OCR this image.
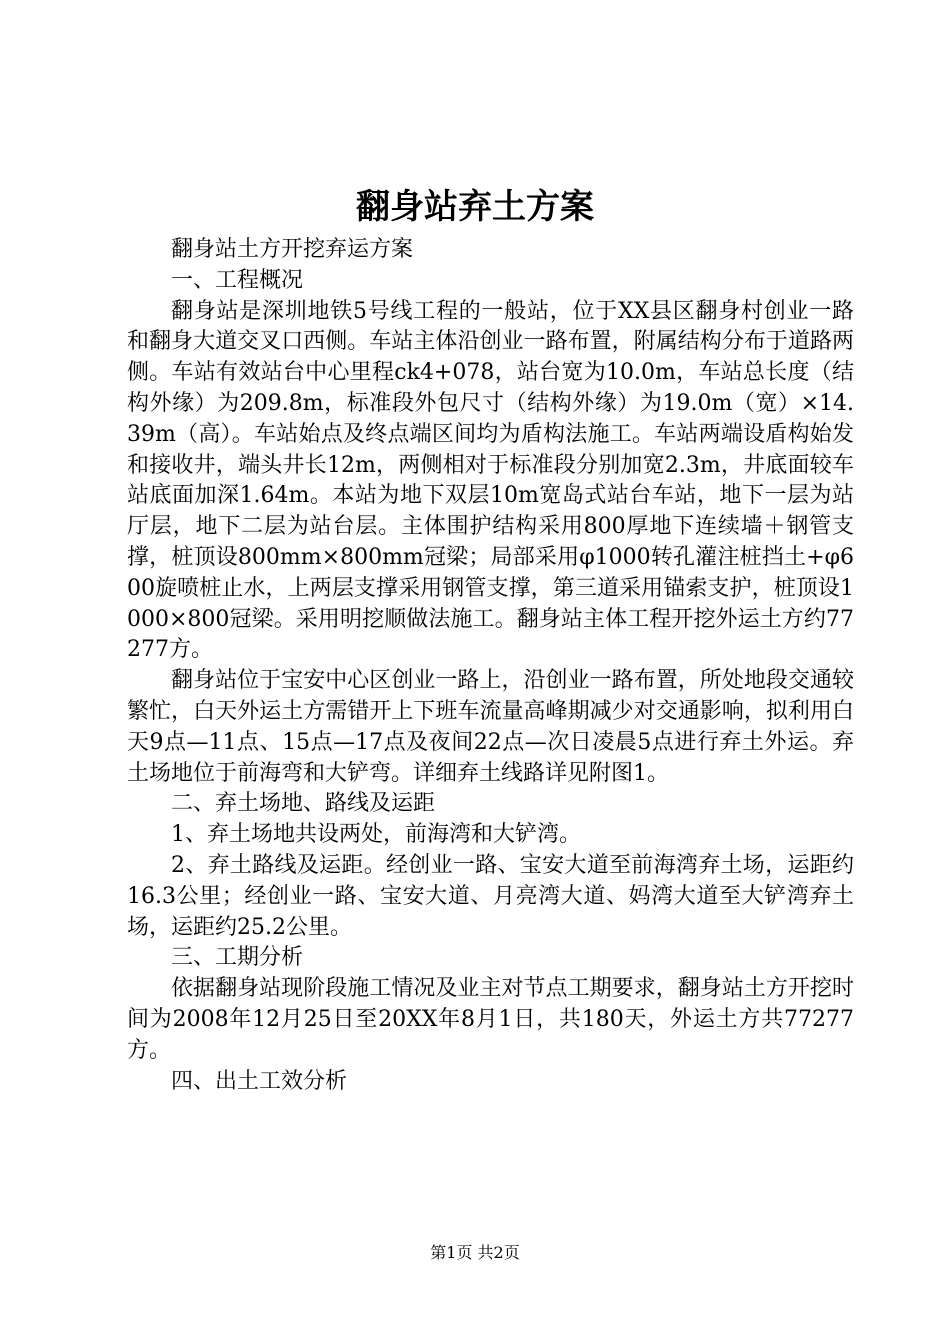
翻身站弃土方案

翻身站土方开挖弃运方案

一、工程概况

翻身站是深圳地铁5号线工程的一般站，位于XX县区翻身村创业一路和翻身大道交叉口西侧。车站主体沿创业一路布置，附属结构分布于道路两侧。车站有效站台中心里程ck4+078，站台宽为10.0m，车站总长度（结构外缘）为209.8m，标准段外包尺寸（结构外缘）为19.0m（宽）×14.39m（高）。车站始点及终点端区间均为盾构法施工。车站两端设盾构始发和接收井，端头井长12m，两侧相对于标准段分别加宽2.3m，井底面较车站底面加深1.64m。本站为地下双层10m宽岛式站台车站，地下一层为站厅层，地下二层为站台层。主体围护结构采用800厚地下连续墙＋钢管支撑，桩顶设800mm×800mm冠梁；局部采用φ1000转孔灌注桩挡土+φ600旋喷桩止水，上两层支撑采用钢管支撑，第三道采用锚索支护，桩顶设1000×800冠梁。采用明挖顺做法施工。翻身站主体工程开挖外运土方约77277方。

翻身站位于宝安中心区创业一路上，沿创业一路布置，所处地段交通较繁忙，白天外运土方需错开上下班车流量高峰期减少对交通影响，拟利用白天9点—11点、15点—17点及夜间22点—次日凌晨5点进行弃土外运。弃土场地位于前海弯和大铲弯。详细弃土线路详见附图1。

二、弃土场地、路线及运距

1、弃土场地共设两处，前海湾和大铲湾。

2、弃土路线及运距。经创业一路、宝安大道至前海湾弃土场，运距约16.3公里；经创业一路、宝安大道、月亮湾大道、妈湾大道至大铲湾弃土场，运距约25.2公里。

三、工期分析

依据翻身站现阶段施工情况及业主对节点工期要求，翻身站土方开挖时间为2008年12月25日至20XX年8月1日，共180天，外运土方共77277方。

四、出土工效分析

第1页 共2页
